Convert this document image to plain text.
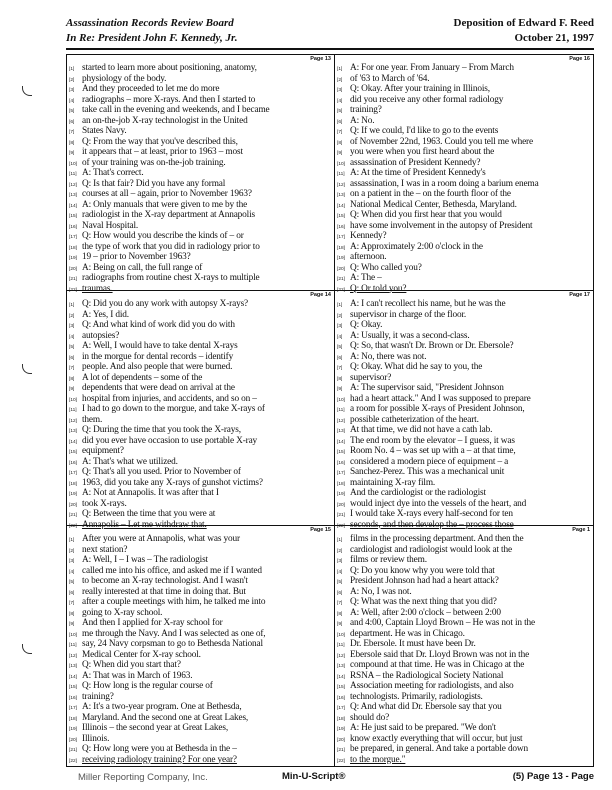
Assassination Records Review Board
In Re: President John F. Kennedy, Jr.
Deposition of Edward F. Reed
October 21, 1997
Page 13
[1] started to learn more about positioning, anatomy,
[2] physiology of the body.
[3] And they proceeded to let me do more
[4] radiographs – more X-rays. And then I started to
[5] take call in the evening and weekends, and I became
[6] an on-the-job X-ray technologist in the United
[7] States Navy.
[8] Q: From the way that you've described this,
[9] it appears that – at least, prior to 1963 – most
[10] of your training was on-the-job training.
[11] A: That's correct.
[12] Q: Is that fair? Did you have any formal
[13] courses at all – again, prior to November 1963?
[14] A: Only manuals that were given to me by the
[15] radiologist in the X-ray department at Annapolis
[16] Naval Hospital.
[17] Q: How would you describe the kinds of – or
[18] the type of work that you did in radiology prior to
[19] 19 – prior to November 1963?
[20] A: Being on call, the full range of
[21] radiographs from routine chest X-rays to multiple
[22] traumas.
Page 16
[1] A: For one year. From January – From March
[2] of '63 to March of '64.
[3] Q: Okay. After your training in Illinois,
[4] did you receive any other formal radiology
[5] training?
[6] A: No.
[7] Q: If we could, I'd like to go to the events
[8] of November 22nd, 1963. Could you tell me where
[9] you were when you first heard about the
[10] assassination of President Kennedy?
[11] A: At the time of President Kennedy's
[12] assassination, I was in a room doing a barium enema
[13] on a patient in the – on the fourth floor of the
[14] National Medical Center, Bethesda, Maryland.
[15] Q: When did you first hear that you would
[16] have some involvement in the autopsy of President
[17] Kennedy?
[18] A: Approximately 2:00 o'clock in the
[19] afternoon.
[20] Q: Who called you?
[21] A: The –
[22] Q: Or told you?
Page 14
[1] Q: Did you do any work with autopsy X-rays?
[2] A: Yes, I did.
[3] Q: And what kind of work did you do with
[4] autopsies?
[5] A: Well, I would have to take dental X-rays
[6] in the morgue for dental records – identify
[7] people. And also people that were burned.
[8] A lot of dependents – some of the
[9] dependents that were dead on arrival at the
[10] hospital from injuries, and accidents, and so on –
[11] I had to go down to the morgue, and take X-rays of
[12] them.
[13] Q: During the time that you took the X-rays,
[14] did you ever have occasion to use portable X-ray
[15] equipment?
[16] A: That's what we utilized.
[17] Q: That's all you used. Prior to November of
[18] 1963, did you take any X-rays of gunshot victims?
[19] A: Not at Annapolis. It was after that I
[20] took X-rays.
[21] Q: Between the time that you were at
[22] Annapolis – Let me withdraw that.
Page 17
[1] A: I can't recollect his name, but he was the
[2] supervisor in charge of the floor.
[3] Q: Okay.
[4] A: Usually, it was a second-class.
[5] Q: So, that wasn't Dr. Brown or Dr. Ebersole?
[6] A: No, there was not.
[7] Q: Okay. What did he say to you, the
[8] supervisor?
[9] A: The supervisor said, "President Johnson
[10] had a heart attack." And I was supposed to prepare
[11] a room for possible X-rays of President Johnson,
[12] possible catheterization of the heart.
[13] At that time, we did not have a cath lab.
[14] The end room by the elevator – I guess, it was
[15] Room No. 4 – was set up with a – at that time,
[16] considered a modern piece of equipment – a
[17] Sanchez-Perez. This was a mechanical unit
[18] maintaining X-ray film.
[19] And the cardiologist or the radiologist
[20] would inject dye into the vessels of the heart, and
[21] I would take X-rays every half-second for ten
[22] seconds, and then develop the – process those
Page 15
[1] After you were at Annapolis, what was your
[2] next station?
[3] A: Well, I – I was – The radiologist
[4] called me into his office, and asked me if I wanted
[5] to become an X-ray technologist. And I wasn't
[6] really interested at that time in doing that. But
[7] after a couple meetings with him, he talked me into
[8] going to X-ray school.
[9] And then I applied for X-ray school for
[10] me through the Navy. And I was selected as one of,
[11] say, 24 Navy corpsman to go to Bethesda National
[12] Medical Center for X-ray school.
[13] Q: When did you start that?
[14] A: That was in March of 1963.
[15] Q: How long is the regular course of
[16] training?
[17] A: It's a two-year program. One at Bethesda,
[18] Maryland. And the second one at Great Lakes,
[19] Illinois – the second year at Great Lakes,
[20] Illinois.
[21] Q: How long were you at Bethesda in the –
[22] receiving radiology training? For one year?
Page 1
[1] films in the processing department. And then the
[2] cardiologist and radiologist would look at the
[3] films or review them.
[4] Q: Do you know why you were told that
[5] President Johnson had had a heart attack?
[6] A: No, I was not.
[7] Q: What was the next thing that you did?
[8] A: Well, after 2:00 o'clock – between 2:00
[9] and 4:00, Captain Lloyd Brown – He was not in the
[10] department. He was in Chicago.
[11] Dr. Ebersole. It must have been Dr.
[12] Ebersole said that Dr. Lloyd Brown was not in the
[13] compound at that time. He was in Chicago at the
[14] RSNA – the Radiological Society National
[15] Association meeting for radiologists, and also
[16] technologists. Primarily, radiologists.
[17] Q: And what did Dr. Ebersole say that you
[18] should do?
[19] A: He just said to be prepared. "We don't
[20] know exactly everything that will occur, but just
[21] be prepared, in general. And take a portable down
[22] to the morgue."
Miller Reporting Company, Inc.	Min-U-Script®	(5) Page 13 - Page
